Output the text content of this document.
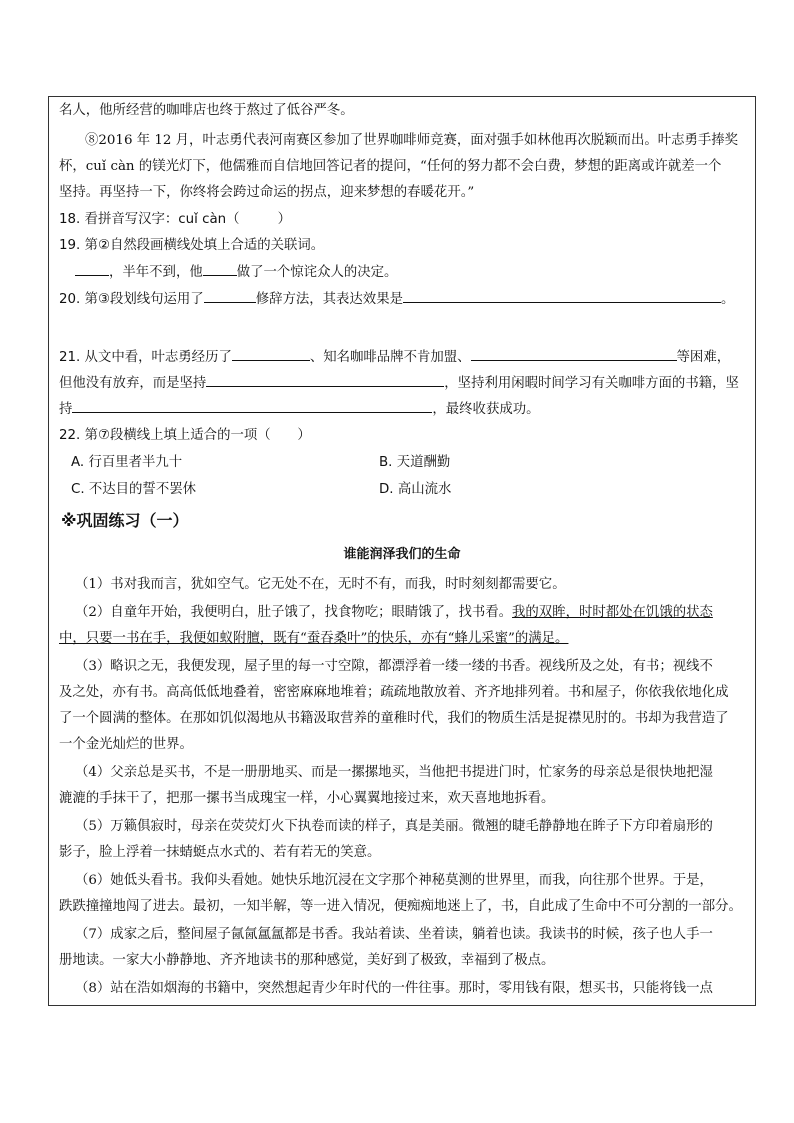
名人，他所经营的咖啡店也终于熬过了低谷严冬。
⑧2016 年 12 月，叶志勇代表河南赛区参加了世界咖啡师竞赛，面对强手如林他再次脱颖而出。叶志勇手捧奖
杯，cuǐ càn 的镁光灯下，他儒雅而自信地回答记者的提问，“任何的努力都不会白费，梦想的距离或许就差一个
坚持。再坚持一下，你终将会跨过命运的拐点，迎来梦想的春暖花开。”
18. 看拼音写汉字：cuǐ càn（	）
19. 第②自然段画横线处填上合适的关联词。
，半年不到，他	做了一个惊诧众人的决定。
20. 第③段划线句运用了	修辞方法，其表达效果是	。
21. 从文中看，叶志勇经历了	、知名咖啡品牌不肯加盟、	等困难，
但他没有放弃，而是坚持	，坚持利用闲暇时间学习有关咖啡方面的书籍，坚
持	，最终收获成功。
22. 第⑦段横线上填上适合的一项（　　）
A. 行百里者半九十	B. 天道酬勤
C. 不达目的誓不罢休	D. 高山流水
※巩固练习（一）
谁能润泽我们的生命
（1）书对我而言，犹如空气。它无处不在，无时不有，而我，时时刻刻都需要它。
（2）自童年开始，我便明白，肚子饿了，找食物吃；眼睛饿了，找书看。我的双眸，时时都处在饥饿的状态
中，只要一书在手，我便如蚁附膻，既有“蚕吞桑叶”的快乐，亦有“蜂儿采蜜”的满足。
（3）略识之无，我便发现，屋子里的每一寸空隙，都漂浮着一缕一缕的书香。视线所及之处，有书；视线不
及之处，亦有书。高高低低地叠着，密密麻麻地堆着；疏疏地散放着、齐齐地排列着。书和屋子，你依我依地化成
了一个圆满的整体。在那如饥似渴地从书籍汲取营养的童稚时代，我们的物质生活是捉襟见肘的。书却为我营造了
一个金光灿烂的世界。
（4）父亲总是买书，不是一册册地买、而是一摞摞地买，当他把书提进门时，忙家务的母亲总是很快地把湿
漉漉的手抹干了，把那一摞书当成瑰宝一样，小心翼翼地接过来，欢天喜地地拆看。
（5）万籁俱寂时，母亲在荧荧灯火下执卷而读的样子，真是美丽。微翘的睫毛静静地在眸子下方印着扇形的
影子，脸上浮着一抹蜻蜓点水式的、若有若无的笑意。
（6）她低头看书。我仰头看她。她快乐地沉浸在文字那个神秘莫测的世界里，而我，向往那个世界。于是，
跌跌撞撞地闯了进去。最初，一知半解，等一进入情况，便痴痴地迷上了，书，自此成了生命中不可分割的一部分。
（7）成家之后，整间屋子氤氤氲氲都是书香。我站着读、坐着读，躺着也读。我读书的时候，孩子也人手一
册地读。一家大小静静地、齐齐地读书的那种感觉，美好到了极致，幸福到了极点。
（8）站在浩如烟海的书籍中，突然想起青少年时代的一件往事。那时，零用钱有限，想买书，只能将钱一点
